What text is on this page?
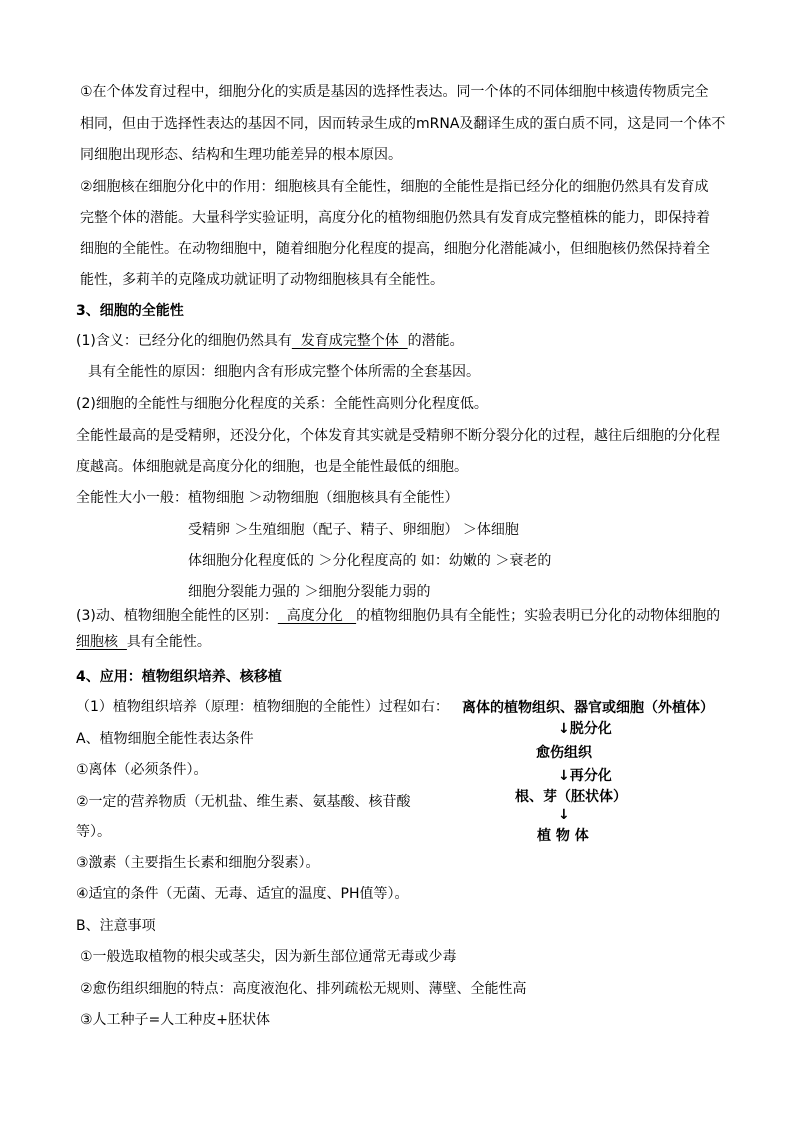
①在个体发育过程中，细胞分化的实质是基因的选择性表达。同一个体的不同体细胞中核遗传物质完全
相同，但由于选择性表达的基因不同，因而转录生成的mRNA及翻译生成的蛋白质不同，这是同一个体不
同细胞出现形态、结构和生理功能差异的根本原因。
②细胞核在细胞分化中的作用：细胞核具有全能性，细胞的全能性是指已经分化的细胞仍然具有发育成
完整个体的潜能。大量科学实验证明，高度分化的植物细胞仍然具有发育成完整植株的能力，即保持着
细胞的全能性。在动物细胞中，随着细胞分化程度的提高，细胞分化潜能减小，但细胞核仍然保持着全
能性，多莉羊的克隆成功就证明了动物细胞核具有全能性。
3、细胞的全能性
(1)含义：已经分化的细胞仍然具有  发育成完整个体  的潜能。
具有全能性的原因：细胞内含有形成完整个体所需的全套基因。
(2)细胞的全能性与细胞分化程度的关系：全能性高则分化程度低。
全能性最高的是受精卵，还没分化，个体发育其实就是受精卵不断分裂分化的过程，越往后细胞的分化程
度越高。体细胞就是高度分化的细胞，也是全能性最低的细胞。
全能性大小一般：植物细胞 ＞动物细胞（细胞核具有全能性）
受精卵 ＞生殖细胞（配子、精子、卵细胞） ＞体细胞
体细胞分化程度低的 ＞分化程度高的 如：幼嫩的 ＞衰老的
细胞分裂能力强的 ＞细胞分裂能力弱的
(3)动、植物细胞全能性的区别：  高度分化   的植物细胞仍具有全能性；实验表明已分化的动物体细胞的
细胞核  具有全能性。
4、应用：植物组织培养、核移植
（1）植物组织培养（原理：植物细胞的全能性）过程如右：
A、植物细胞全能性表达条件
①离体（必须条件）。
②一定的营养物质（无机盐、维生素、氨基酸、核苷酸
等）。
③激素（主要指生长素和细胞分裂素）。
④适宜的条件（无菌、无毒、适宜的温度、PH值等）。
B、注意事项
①一般选取植物的根尖或茎尖，因为新生部位通常无毒或少毒
②愈伤组织细胞的特点：高度液泡化、排列疏松无规则、薄壁、全能性高
③人工种子=人工种皮+胚状体
离体的植物组织、器官或细胞（外植体）
↓脱分化
愈伤组织
↓再分化
根、芽（胚状体）
↓
植 物 体
